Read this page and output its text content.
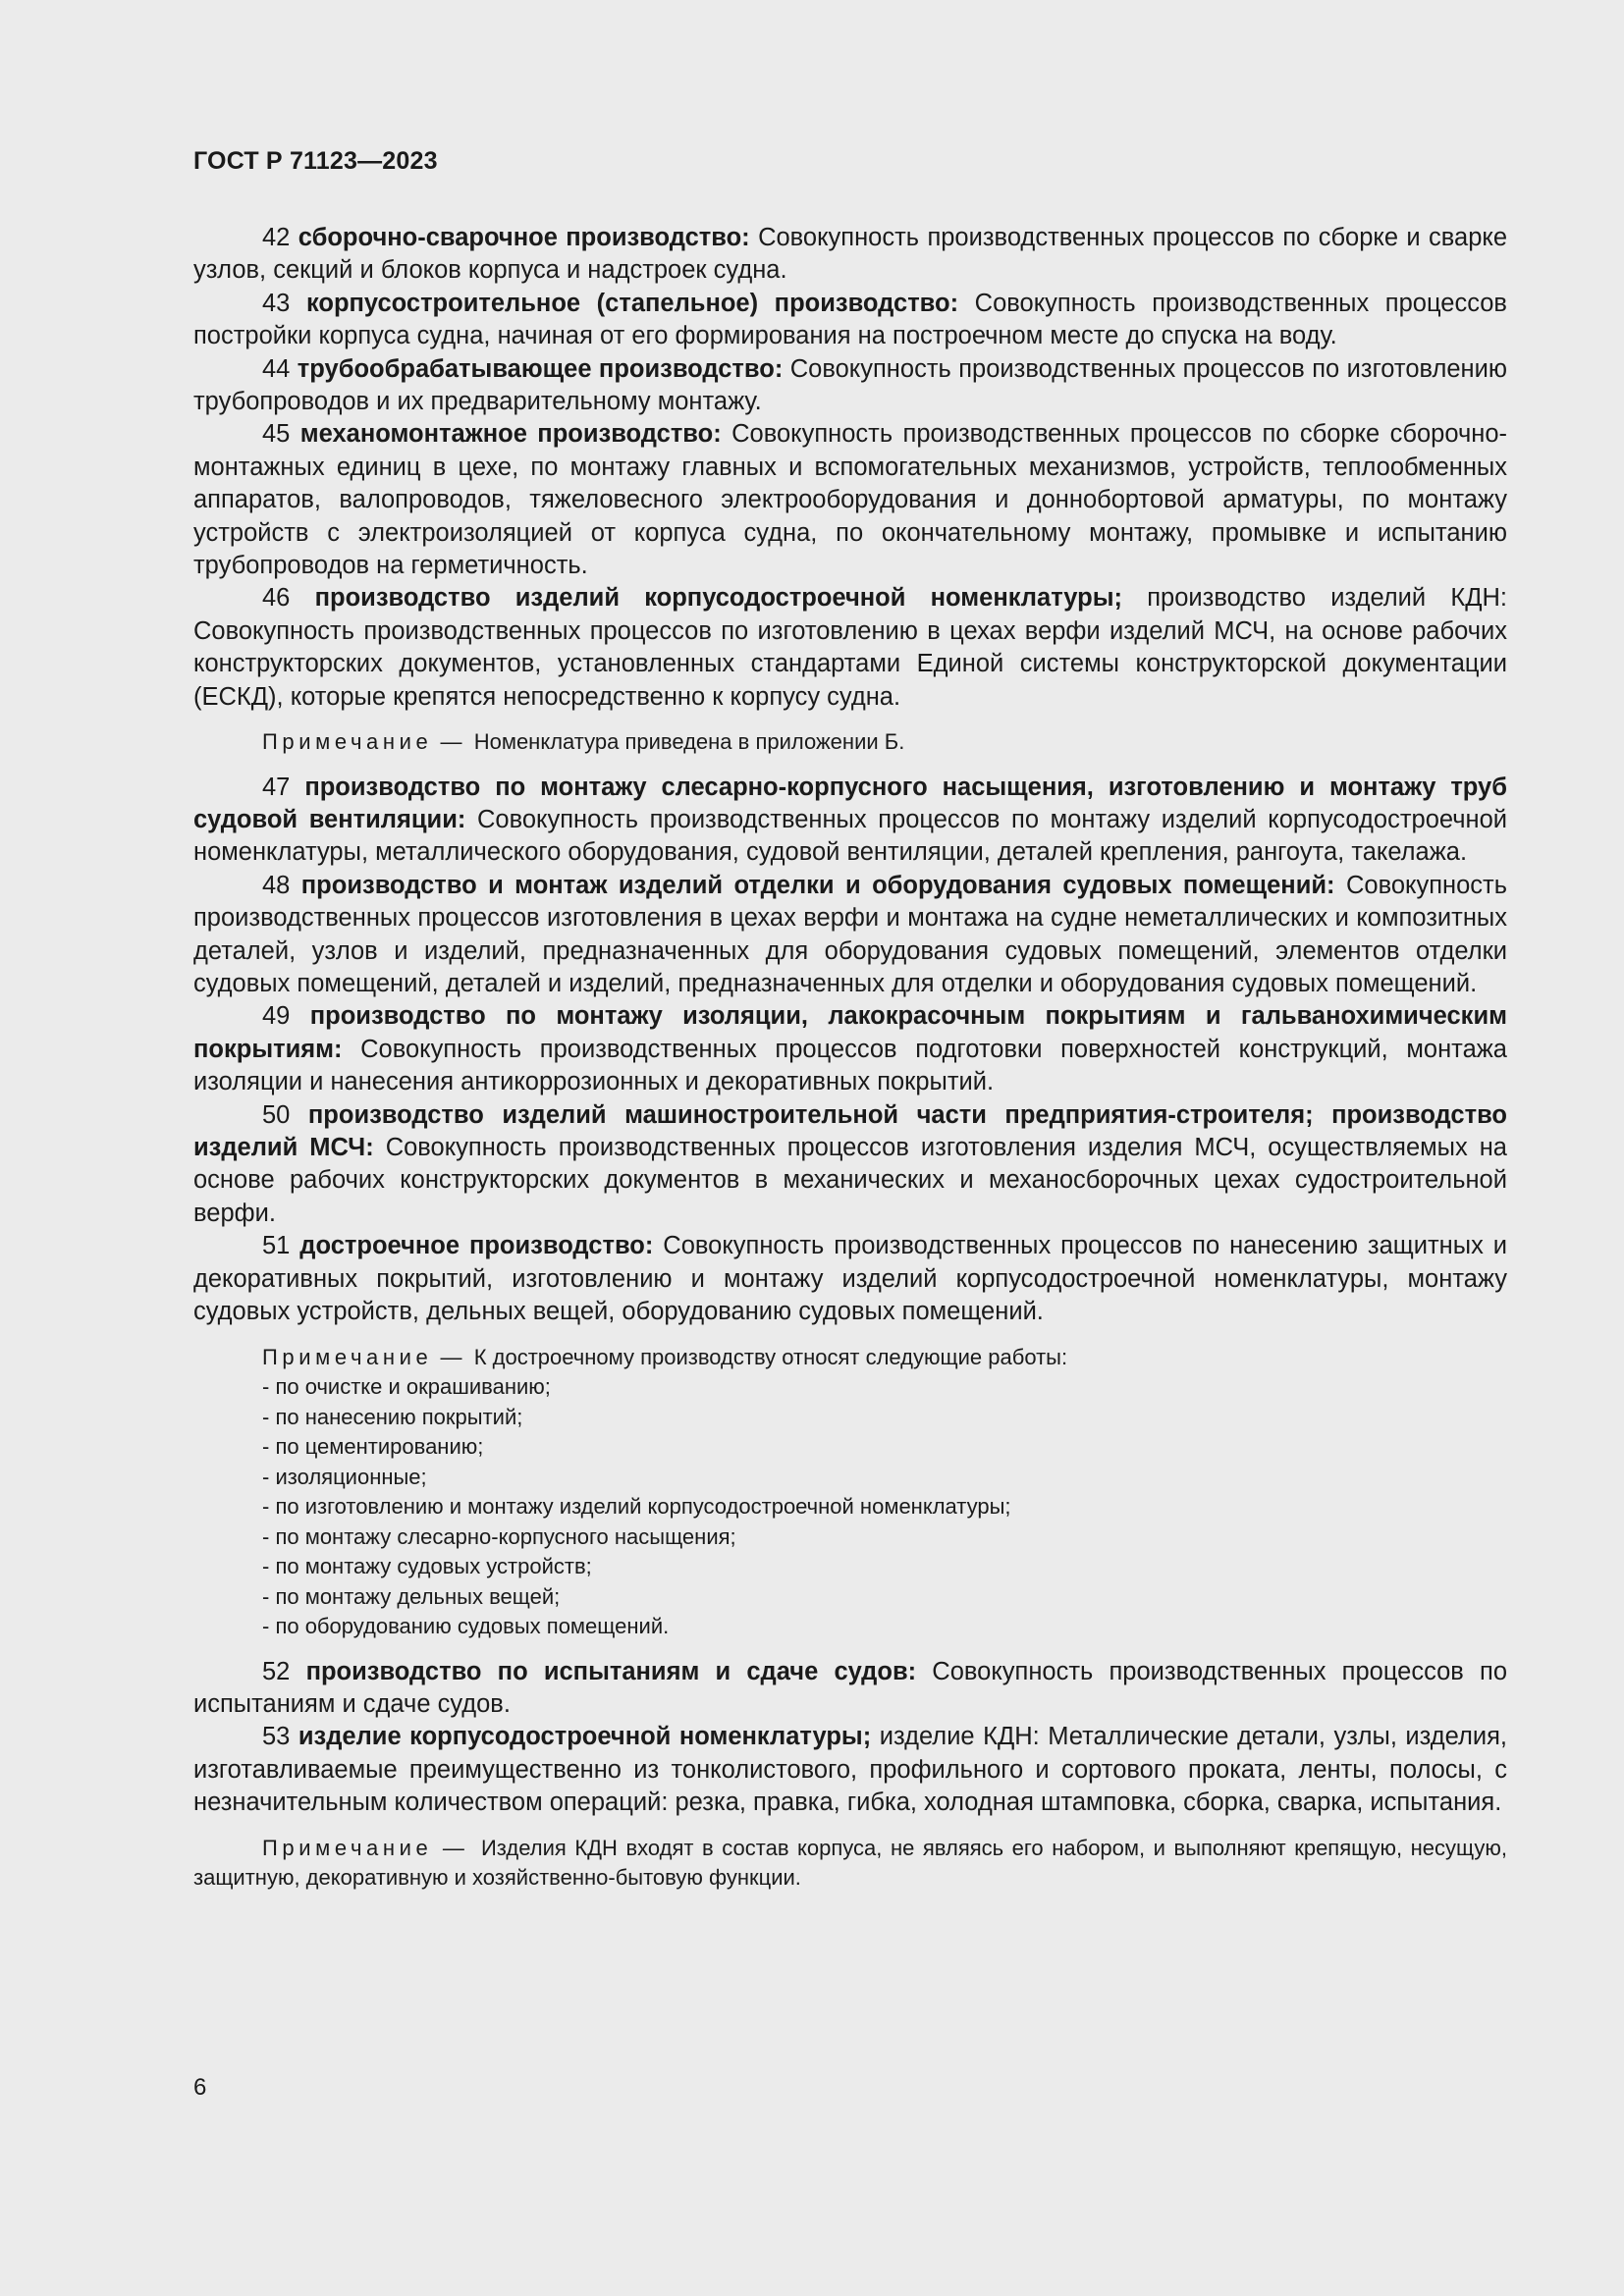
ГОСТ Р 71123—2023

42 сборочно-сварочное производство: Совокупность производственных процессов по сборке и сварке узлов, секций и блоков корпуса и надстроек судна.

43 корпусостроительное (стапельное) производство: Совокупность производственных процессов постройки корпуса судна, начиная от его формирования на построечном месте до спуска на воду.

44 трубообрабатывающее производство: Совокупность производственных процессов по изготовлению трубопроводов и их предварительному монтажу.

45 механомонтажное производство: Совокупность производственных процессов по сборке сборочно-монтажных единиц в цехе, по монтажу главных и вспомогательных механизмов, устройств, теплообменных аппаратов, валопроводов, тяжеловесного электрооборудования и доннобортовой арматуры, по монтажу устройств с электроизоляцией от корпуса судна, по окончательному монтажу, промывке и испытанию трубопроводов на герметичность.

46 производство изделий корпусодостроечной номенклатуры; производство изделий КДН: Совокупность производственных процессов по изготовлению в цехах верфи изделий МСЧ, на основе рабочих конструкторских документов, установленных стандартами Единой системы конструкторской документации (ЕСКД), которые крепятся непосредственно к корпусу судна.

Примечание — Номенклатура приведена в приложении Б.

47 производство по монтажу слесарно-корпусного насыщения, изготовлению и монтажу труб судовой вентиляции: Совокупность производственных процессов по монтажу изделий корпусодостроечной номенклатуры, металлического оборудования, судовой вентиляции, деталей крепления, рангоута, такелажа.

48 производство и монтаж изделий отделки и оборудования судовых помещений: Совокупность производственных процессов изготовления в цехах верфи и монтажа на судне неметаллических и композитных деталей, узлов и изделий, предназначенных для оборудования судовых помещений, элементов отделки судовых помещений, деталей и изделий, предназначенных для отделки и оборудования судовых помещений.

49 производство по монтажу изоляции, лакокрасочным покрытиям и гальванохимическим покрытиям: Совокупность производственных процессов подготовки поверхностей конструкций, монтажа изоляции и нанесения антикоррозионных и декоративных покрытий.

50 производство изделий машиностроительной части предприятия-строителя; производство изделий МСЧ: Совокупность производственных процессов изготовления изделия МСЧ, осуществляемых на основе рабочих конструкторских документов в механических и механосборочных цехах судостроительной верфи.

51 достроечное производство: Совокупность производственных процессов по нанесению защитных и декоративных покрытий, изготовлению и монтажу изделий корпусодостроечной номенклатуры, монтажу судовых устройств, дельных вещей, оборудованию судовых помещений.

Примечание — К достроечному производству относят следующие работы:

- по очистке и окрашиванию;
- по нанесению покрытий;
- по цементированию;
- изоляционные;
- по изготовлению и монтажу изделий корпусодостроечной номенклатуры;
- по монтажу слесарно-корпусного насыщения;
- по монтажу судовых устройств;
- по монтажу дельных вещей;
- по оборудованию судовых помещений.

52 производство по испытаниям и сдаче судов: Совокупность производственных процессов по испытаниям и сдаче судов.

53 изделие корпусодостроечной номенклатуры; изделие КДН: Металлические детали, узлы, изделия, изготавливаемые преимущественно из тонколистового, профильного и сортового проката, ленты, полосы, с незначительным количеством операций: резка, правка, гибка, холодная штамповка, сборка, сварка, испытания.

Примечание — Изделия КДН входят в состав корпуса, не являясь его набором, и выполняют крепящую, несущую, защитную, декоративную и хозяйственно-бытовую функции.

6
